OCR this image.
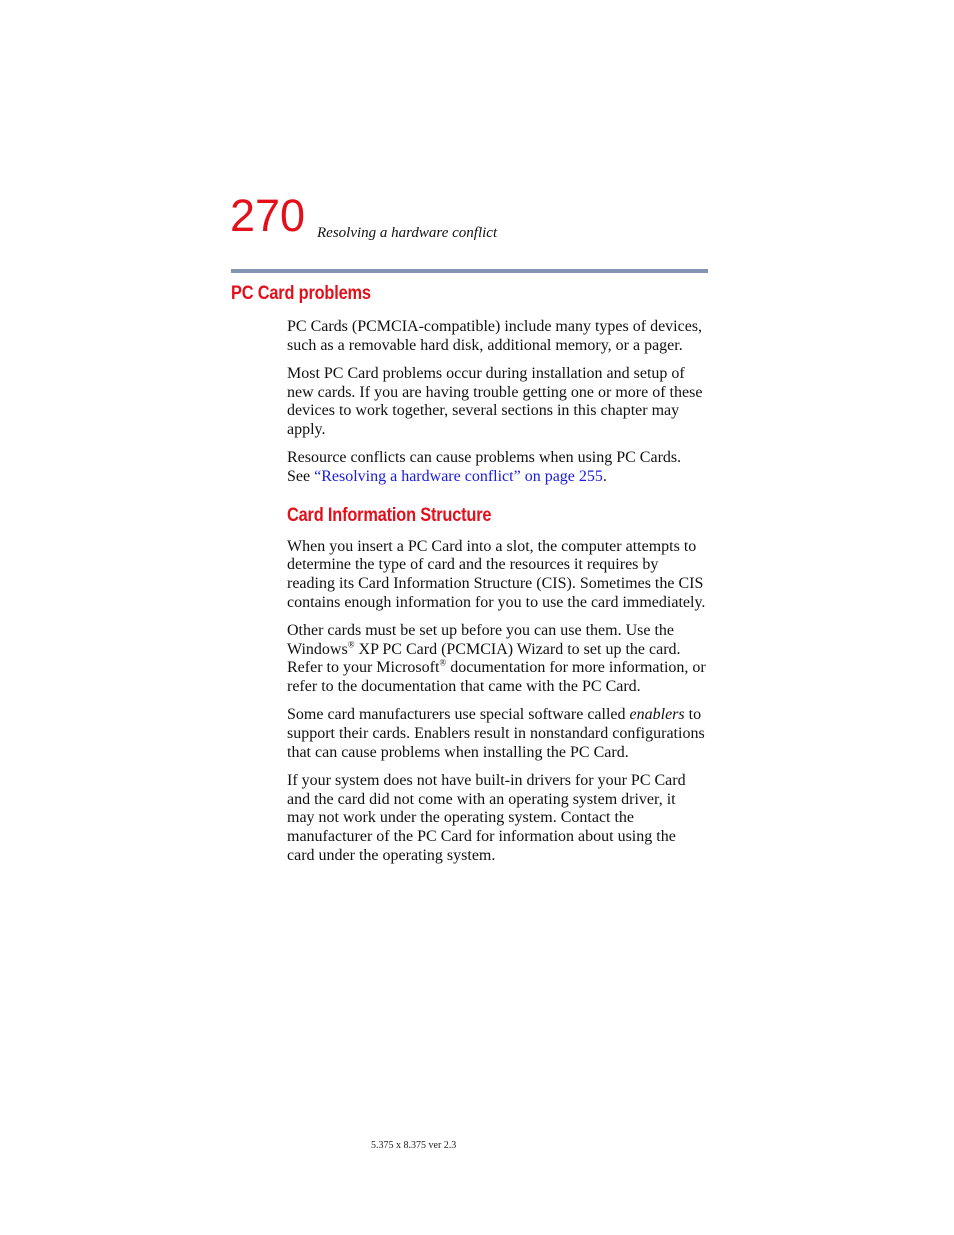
270 Resolving a hardware conflict
PC Card problems

PC Cards (PCMCIA-compatible) include many types of devices, such as a removable hard disk, additional memory, or a pager.

Most PC Card problems occur during installation and setup of new cards. If you are having trouble getting one or more of these devices to work together, several sections in this chapter may apply.

Resource conflicts can cause problems when using PC Cards. See “Resolving a hardware conflict” on page 255.

Card Information Structure

When you insert a PC Card into a slot, the computer attempts to determine the type of card and the resources it requires by reading its Card Information Structure (CIS). Sometimes the CIS contains enough information for you to use the card immediately.

Other cards must be set up before you can use them. Use the Windows® XP PC Card (PCMCIA) Wizard to set up the card. Refer to your Microsoft® documentation for more information, or refer to the documentation that came with the PC Card.

Some card manufacturers use special software called enablers to support their cards. Enablers result in nonstandard configurations that can cause problems when installing the PC Card.

If your system does not have built-in drivers for your PC Card and the card did not come with an operating system driver, it may not work under the operating system. Contact the manufacturer of the PC Card for information about using the card under the operating system.

5.375 x 8.375 ver 2.3
